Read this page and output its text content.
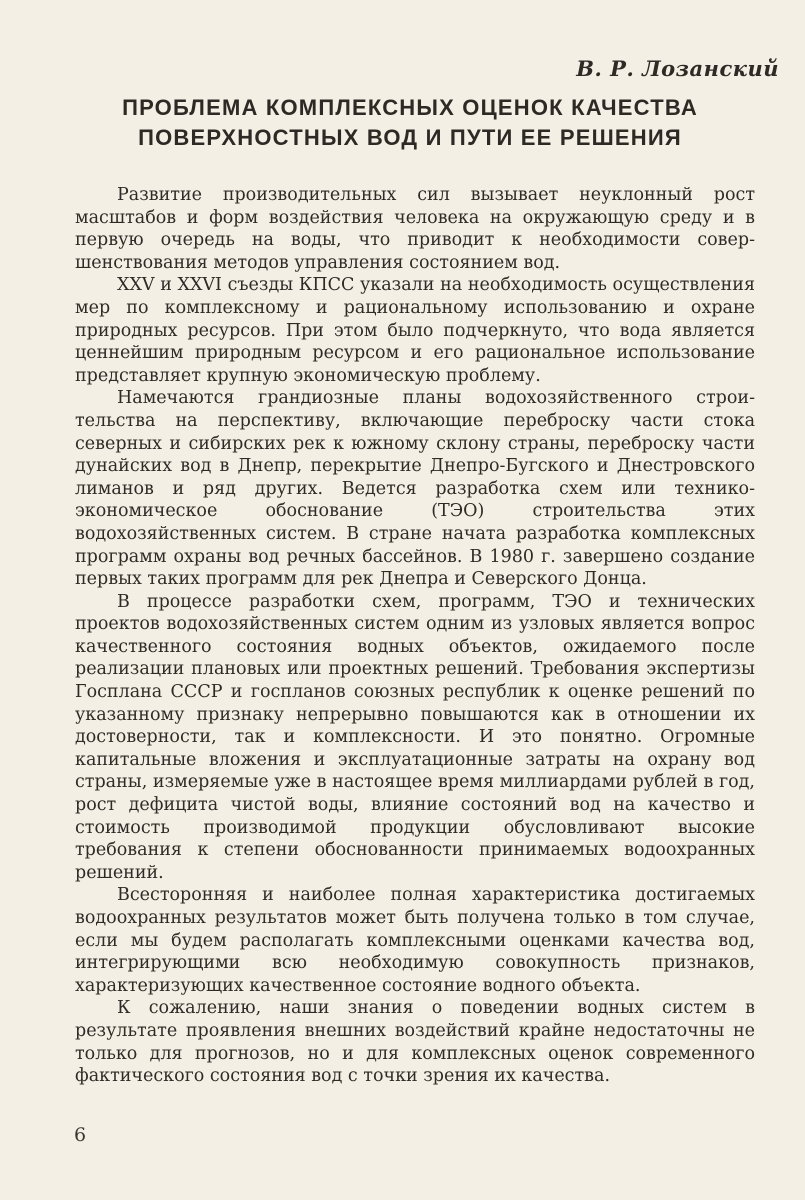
В. Р. Лозанский
ПРОБЛЕМА КОМПЛЕКСНЫХ ОЦЕНОК КАЧЕСТВА
ПОВЕРХНОСТНЫХ ВОД И ПУТИ ЕЕ РЕШЕНИЯ

Развитие производительных сил вызывает неуклонный рост масштабов и форм воздействия человека на окружающую среду и в первую очередь на воды, что приводит к необходимости совершенствования методов управления состоянием вод.

XXV и XXVI съезды КПСС указали на необходимость осуществления мер по комплексному и рациональному использованию и охране природных ресурсов. При этом было подчеркнуто, что вода является ценнейшим природным ресурсом и его рациональное использование представляет крупную экономическую проблему.

Намечаются грандиозные планы водохозяйственного строительства на перспективу, включающие переброску части стока северных и сибирских рек к южному склону страны, переброску части дунайских вод в Днепр, перекрытие Днепро-Бугского и Днестровского лиманов и ряд других. Ведется разработка схем или технико-экономическое обоснование (ТЭО) строительства этих водохозяйственных систем. В стране начата разработка комплексных программ охраны вод речных бассейнов. В 1980 г. завершено создание первых таких программ для рек Днепра и Северского Донца.

В процессе разработки схем, программ, ТЭО и технических проектов водохозяйственных систем одним из узловых является вопрос качественного состояния водных объектов, ожидаемого после реализации плановых или проектных решений. Требования экспертизы Госплана СССР и госпланов союзных республик к оценке решений по указанному признаку непрерывно повышаются как в отношении их достоверности, так и комплексности. И это понятно. Огромные капитальные вложения и эксплуатационные затраты на охрану вод страны, измеряемые уже в настоящее время миллиардами рублей в год, рост дефицита чистой воды, влияние состояний вод на качество и стоимость производимой продукции обусловливают высокие требования к степени обоснованности принимаемых водоохранных решений.

Всесторонняя и наиболее полная характеристика достигаемых водоохранных результатов может быть получена только в том случае, если мы будем располагать комплексными оценками качества вод, интегрирующими всю необходимую совокупность признаков, характеризующих качественное состояние водного объекта.

К сожалению, наши знания о поведении водных систем в результате проявления внешних воздействий крайне недостаточны не только для прогнозов, но и для комплексных оценок современного фактического состояния вод с точки зрения их качества.

6
